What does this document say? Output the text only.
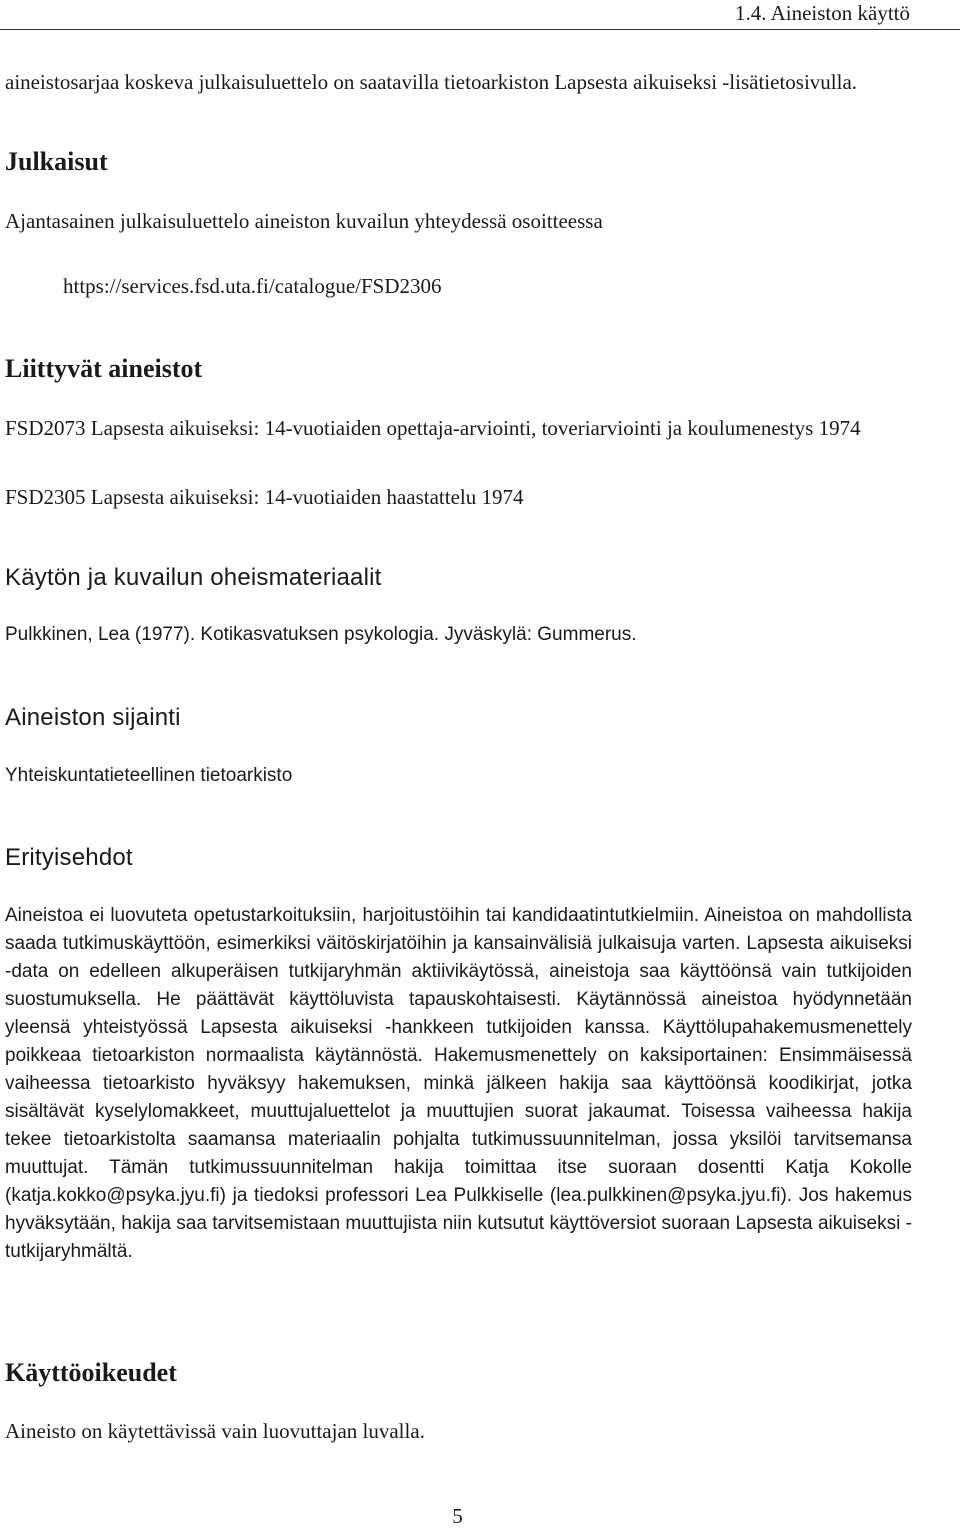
1.4. Aineiston käyttö

aineistosarjaa koskeva julkaisuluettelo on saatavilla tietoarkiston Lapsesta aikuiseksi -lisätietosivulla.

Julkaisut

Ajantasainen julkaisuluettelo aineiston kuvailun yhteydessä osoitteessa

https://services.fsd.uta.fi/catalogue/FSD2306
Liittyvät aineistot

FSD2073 Lapsesta aikuiseksi: 14-vuotiaiden opettaja-arviointi, toveriarviointi ja koulumenestys 1974

FSD2305 Lapsesta aikuiseksi: 14-vuotiaiden haastattelu 1974

Käytön ja kuvailun oheismateriaalit

Pulkkinen, Lea (1977). Kotikasvatuksen psykologia. Jyväskylä: Gummerus.

Aineiston sijainti

Yhteiskuntatieteellinen tietoarkisto

Erityisehdot

Aineistoa ei luovuteta opetustarkoituksiin, harjoitustöihin tai kandidaatintutkielmiin. Aineistoa on mahdollista saada tutkimuskäyttöön, esimerkiksi väitöskirjatöihin ja kansainvälisiä julkaisuja varten. Lapsesta aikuiseksi -data on edelleen alkuperäisen tutkijaryhmän aktiivikäytössä, aineistoja saa käyttöönsä vain tutkijoiden suostumuksella. He päättävät käyttöluvista tapauskohtaisesti. Käytännössä aineistoa hyödynnetään yleensä yhteistyössä Lapsesta aikuiseksi -hankkeen tutkijoiden kanssa. Käyttölupahakemusmenettely poikkeaa tietoarkiston normaalista käytännöstä. Hakemusmenettely on kaksiportainen: Ensimmäisessä vaiheessa tietoarkisto hyväksyy hakemuksen, minkä jälkeen hakija saa käyttöönsä koodikirjat, jotka sisältävät kyselylomakkeet, muuttujaluettelot ja muuttujien suorat jakaumat. Toisessa vaiheessa hakija tekee tietoarkistolta saamansa materiaalin pohjalta tutkimussuunnitelman, jossa yksilöi tarvitsemansa muuttujat. Tämän tutkimussuunnitelman hakija toimittaa itse suoraan dosentti Katja Kokolle (katja.kokko@psyka.jyu.fi) ja tiedoksi professori Lea Pulkkiselle (lea.pulkkinen@psyka.jyu.fi). Jos hakemus hyväksytään, hakija saa tarvitsemistaan muuttujista niin kutsutut käyttöversiot suoraan Lapsesta aikuiseksi -tutkijaryhmältä.

Käyttöoikeudet

Aineisto on käytettävissä vain luovuttajan luvalla.

5
